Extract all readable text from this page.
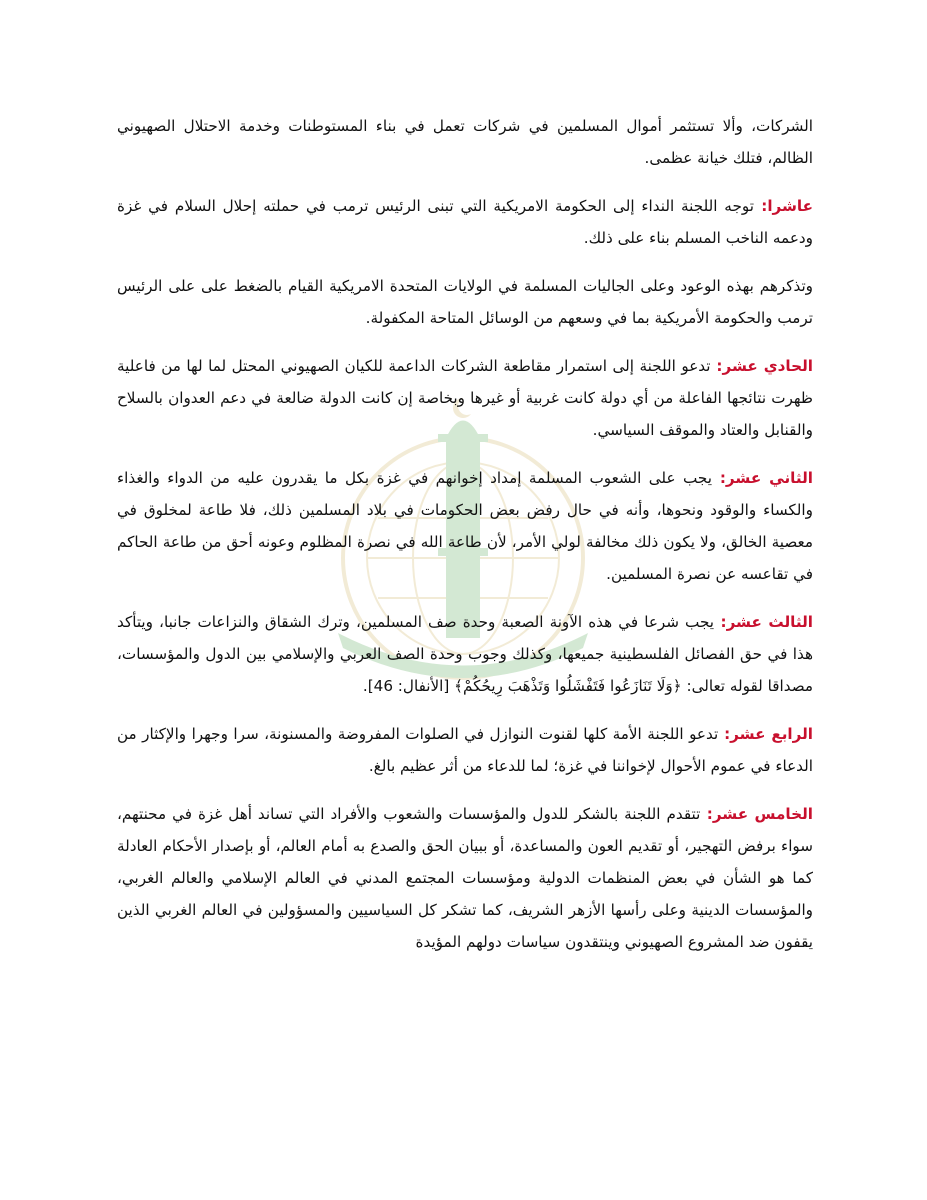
الشركات، وألا تستثمر أموال المسلمين في شركات تعمل في بناء المستوطنات وخدمة الاحتلال الصهيوني الظالم، فتلك خيانة عظمى.

عاشرا:توجه اللجنة النداء إلى الحكومة الامريكية التي تبنى الرئيس ترمب في حملته إحلال السلام في غزة ودعمه الناخب المسلم بناء على ذلك.

وتذكرهم بهذه الوعود وعلى الجاليات المسلمة في الولايات المتحدة الامريكية القيام بالضغط على على الرئيس ترمب والحكومة الأمريكية بما في وسعهم من الوسائل المتاحة المكفولة.

الحادي عشر:تدعو اللجنة إلى استمرار مقاطعة الشركات الداعمة للكيان الصهيوني المحتل لما لها من فاعلية ظهرت نتائجها الفاعلة من أي دولة كانت غربية أو غيرها وبخاصة إن كانت الدولة ضالعة في دعم العدوان بالسلاح والقنابل والعتاد والموقف السياسي.

الثاني عشر:يجب على الشعوب المسلمة إمداد إخوانهم في غزة بكل ما يقدرون عليه من الدواء والغذاء والكساء والوقود ونحوها، وأنه في حال رفض بعض الحكومات في بلاد المسلمين ذلك، فلا طاعة لمخلوق في معصية الخالق، ولا يكون ذلك مخالفة لولي الأمر، لأن طاعة الله في نصرة المظلوم وعونه أحق من طاعة الحاكم في تقاعسه عن نصرة المسلمين.

الثالث عشر:يجب شرعا في هذه الآونة الصعبة وحدة صف المسلمين، وترك الشقاق والنزاعات جانبا، ويتأكد هذا في حق الفصائل الفلسطينية جميعها، وكذلك وجوب وحدة الصف العربي والإسلامي بين الدول والمؤسسات، مصداقا لقوله تعالى: ﴿وَلَا تَنَازَعُوا فَتَفْشَلُوا وَتَذْهَبَ رِيحُكُمْ﴾ [الأنفال: 46].

الرابع عشر:تدعو اللجنة الأمة كلها لقنوت النوازل في الصلوات المفروضة والمسنونة، سرا وجهرا والإكثار من الدعاء في عموم الأحوال لإخواننا في غزة؛ لما للدعاء من أثر عظيم بالغ.

الخامس عشر:تتقدم اللجنة بالشكر للدول والمؤسسات والشعوب والأفراد التي تساند أهل غزة في محنتهم، سواء برفض التهجير، أو تقديم العون والمساعدة، أو ببيان الحق والصدع به أمام العالم، أو بإصدار الأحكام العادلة كما هو الشأن في بعض المنظمات الدولية ومؤسسات المجتمع المدني في العالم الإسلامي والعالم الغربي، والمؤسسات الدينية وعلى رأسها الأزهر الشريف، كما تشكر كل السياسيين والمسؤولين في العالم الغربي الذين يقفون ضد المشروع الصهيوني وينتقدون سياسات دولهم المؤيدة
